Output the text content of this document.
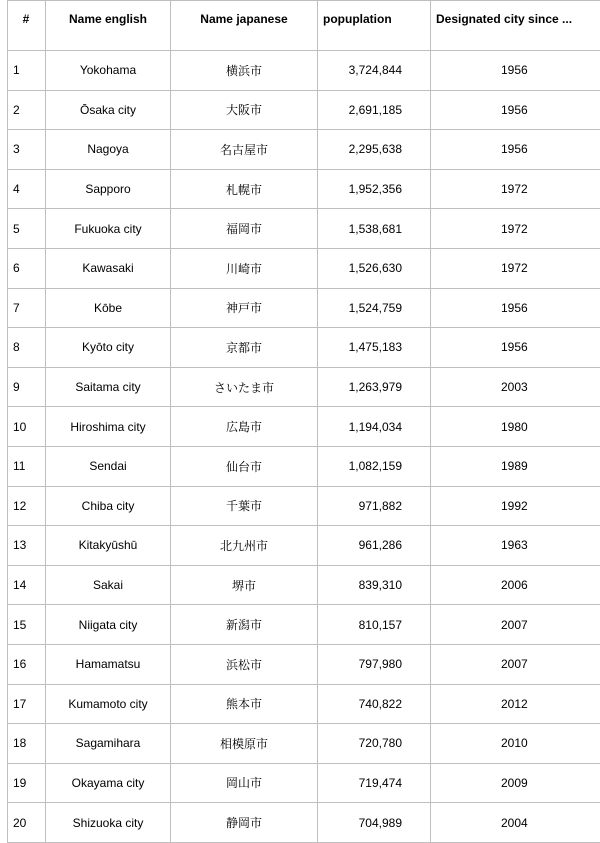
#	Name english	Name japanese	popuplation	Designated city since ...
1	Yokohama	横浜市	3,724,844	1956
2	Ōsaka city	大阪市	2,691,185	1956
3	Nagoya	名古屋市	2,295,638	1956
4	Sapporo	札幌市	1,952,356	1972
5	Fukuoka city	福岡市	1,538,681	1972
6	Kawasaki	川崎市	1,526,630	1972
7	Kōbe	神戸市	1,524,759	1956
8	Kyōto city	京都市	1,475,183	1956
9	Saitama city	さいたま市	1,263,979	2003
10	Hiroshima city	広島市	1,194,034	1980
11	Sendai	仙台市	1,082,159	1989
12	Chiba city	千葉市	971,882	1992
13	Kitakyūshū	北九州市	961,286	1963
14	Sakai	堺市	839,310	2006
15	Niigata city	新潟市	810,157	2007
16	Hamamatsu	浜松市	797,980	2007
17	Kumamoto city	熊本市	740,822	2012
18	Sagamihara	相模原市	720,780	2010
19	Okayama city	岡山市	719,474	2009
20	Shizuoka city	静岡市	704,989	2004
